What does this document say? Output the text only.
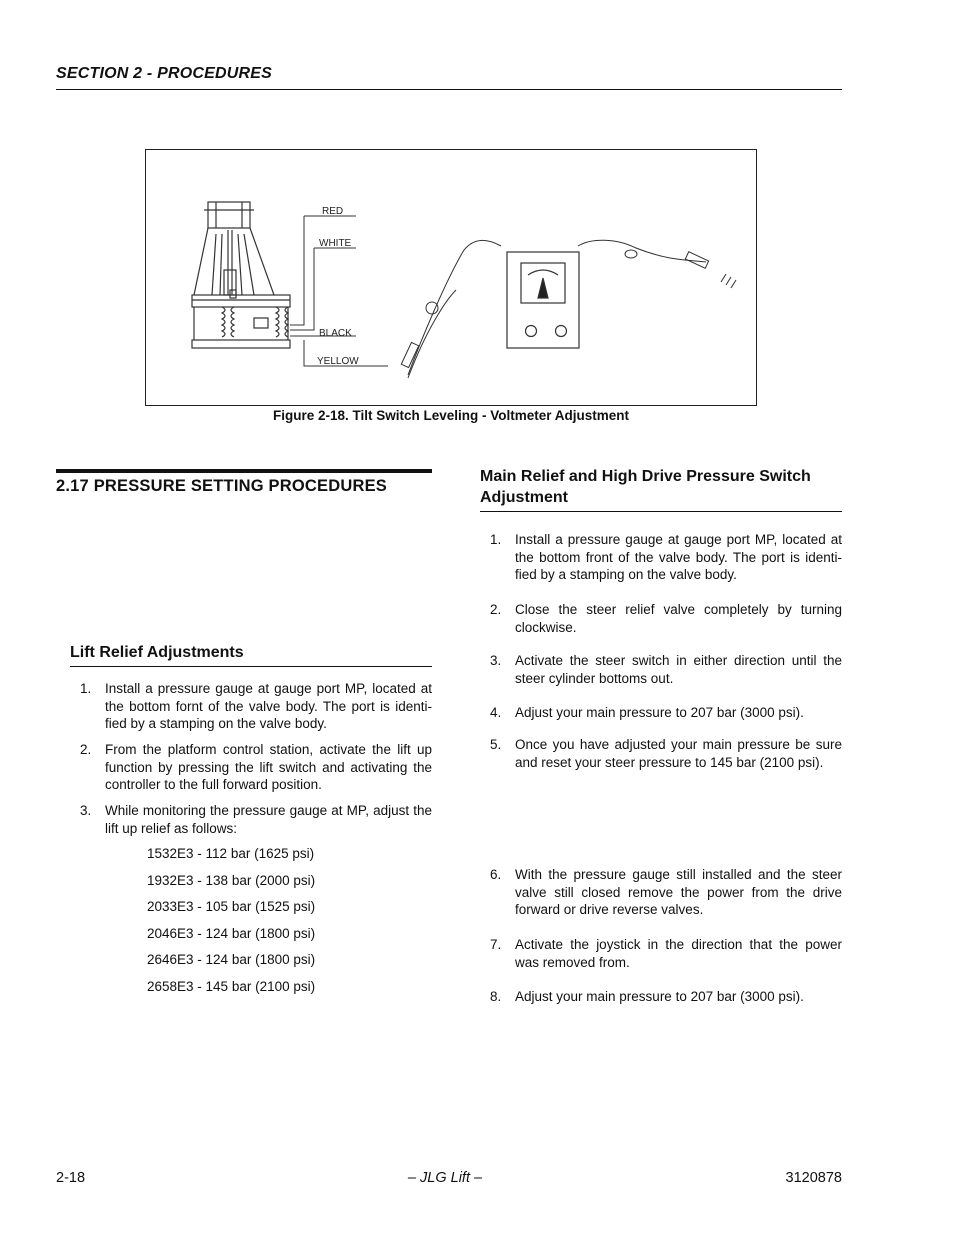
SECTION 2 - PROCEDURES
RED
WHITE
BLACK
YELLOW
Figure 2-18. Tilt Switch Leveling - Voltmeter Adjustment
2.17 PRESSURE SETTING PROCEDURES
Lift Relief Adjustments
1. Install a pressure gauge at gauge port MP, located at the bottom fornt of the valve body. The port is identi-fied by a stamping on the valve body.
2. From the platform control station, activate the lift up function by pressing the lift switch and activating the controller to the full forward position.
3. While monitoring the pressure gauge at MP, adjust the lift up relief as follows:
1532E3 - 112 bar (1625 psi)
1932E3 - 138 bar (2000 psi)
2033E3 - 105 bar (1525 psi)
2046E3 - 124 bar (1800 psi)
2646E3 - 124 bar (1800 psi)
2658E3 - 145 bar (2100 psi)
Main Relief and High Drive Pressure Switch Adjustment
1. Install a pressure gauge at gauge port MP, located at the bottom front of the valve body. The port is identi-fied by a stamping on the valve body.
2. Close the steer relief valve completely by turning clockwise.
3. Activate the steer switch in either direction until the steer cylinder bottoms out.
4. Adjust your main pressure to 207 bar (3000 psi).
5. Once you have adjusted your main pressure be sure and reset your steer pressure to 145 bar (2100 psi).
6. With the pressure gauge still installed and the steer valve still closed remove the power from the drive forward or drive reverse valves.
7. Activate the joystick in the direction that the power was removed from.
8. Adjust your main pressure to 207 bar (3000 psi).
2-18	– JLG Lift –	3120878
